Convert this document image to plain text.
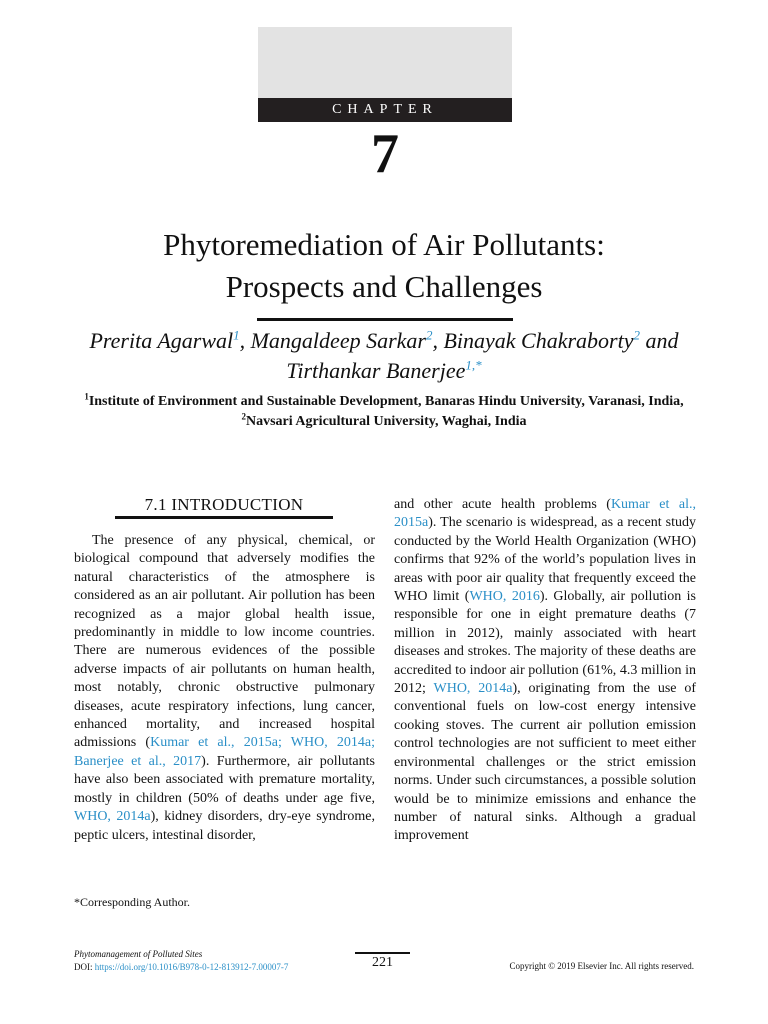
CHAPTER
7
Phytoremediation of Air Pollutants:
Prospects and Challenges
Prerita Agarwal$^1$, Mangaldeep Sarkar$^2$, Binayak Chakraborty$^2$ and
Tirthankar Banerjee$^{1,*}$
$^1$Institute of Environment and Sustainable Development, Banaras Hindu University, Varanasi, India,
$^2$Navsari Agricultural University, Waghai, India
7.1 INTRODUCTION

The presence of any physical, chemical, or biological compound that adversely modifies the natural characteristics of the atmosphere is considered as an air pollutant. Air pollution has been recognized as a major global health issue, predominantly in middle to low income countries. There are numerous evidences of the possible adverse impacts of air pollutants on human health, most notably, chronic obstructive pulmonary diseases, acute respiratory infections, lung cancer, enhanced mortality, and increased hospital admissions (Kumar et al., 2015a; WHO, 2014a; Banerjee et al., 2017). Furthermore, air pollutants have also been associated with premature mortality, mostly in children (50% of deaths under age five, WHO, 2014a), kidney disorders, dry-eye syndrome, peptic ulcers, intestinal disorder,

and other acute health problems (Kumar et al., 2015a). The scenario is widespread, as a recent study conducted by the World Health Organization (WHO) confirms that 92% of the world’s population lives in areas with poor air quality that frequently exceed the WHO limit (WHO, 2016). Globally, air pollution is responsible for one in eight premature deaths (7 million in 2012), mainly associated with heart diseases and strokes. The majority of these deaths are accredited to indoor air pollution (61%, 4.3 million in 2012; WHO, 2014a), originating from the use of conventional fuels on low-cost energy intensive cooking stoves. The current air pollution emission control technologies are not sufficient to meet either environmental challenges or the strict emission norms. Under such circumstances, a possible solution would be to minimize emissions and enhance the number of natural sinks. Although a gradual improvement

*Corresponding Author.
Phytomanagement of Polluted Sites
DOI: https://doi.org/10.1016/B978-0-12-813912-7.00007-7	221	Copyright © 2019 Elsevier Inc. All rights reserved.
